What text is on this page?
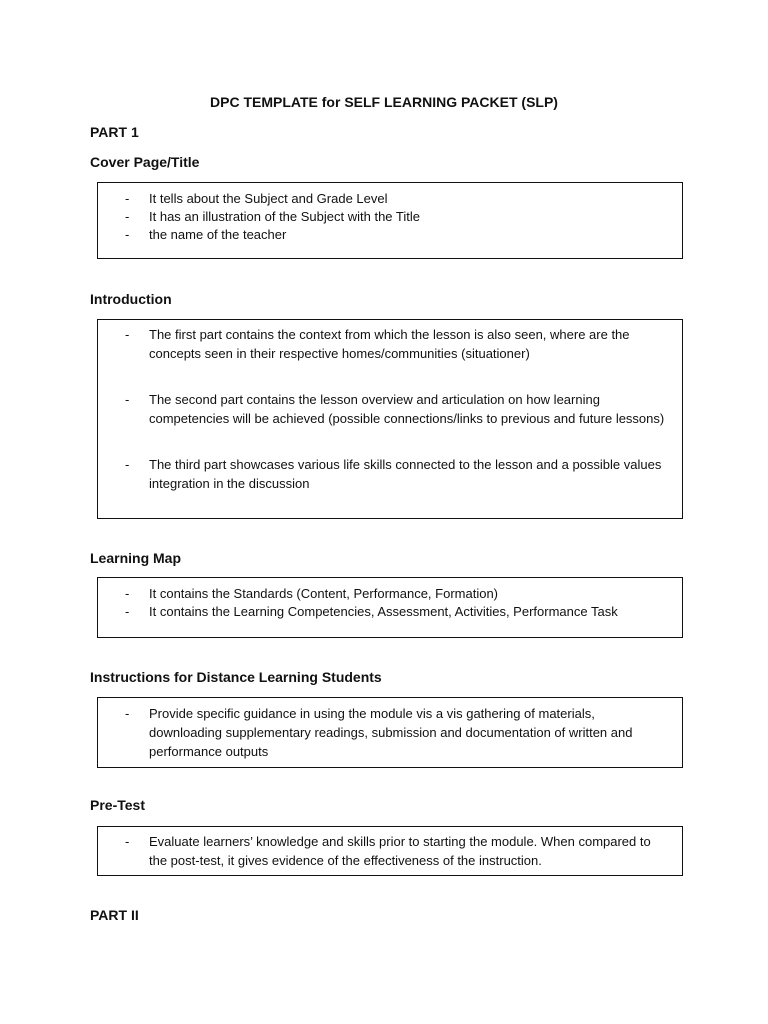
DPC TEMPLATE for SELF LEARNING PACKET (SLP)
PART 1
Cover Page/Title
- It tells about the Subject and Grade Level
- It has an illustration of the Subject with the Title
- the name of the teacher
Introduction
- The first part contains the context from which the lesson is also seen, where are the concepts seen in their respective homes/communities (situationer)
- The second part contains the lesson overview and articulation on how learning competencies will be achieved (possible connections/links to previous and future lessons)
- The third part showcases various life skills connected to the lesson and a possible values integration in the discussion
Learning Map
- It contains the Standards (Content, Performance, Formation)
- It contains the Learning Competencies, Assessment, Activities, Performance Task
Instructions for Distance Learning Students
- Provide specific guidance in using the module vis a vis gathering of materials, downloading supplementary readings, submission and documentation of written and performance outputs
Pre-Test
- Evaluate learners’ knowledge and skills prior to starting the module. When compared to the post-test, it gives evidence of the effectiveness of the instruction.
PART II
